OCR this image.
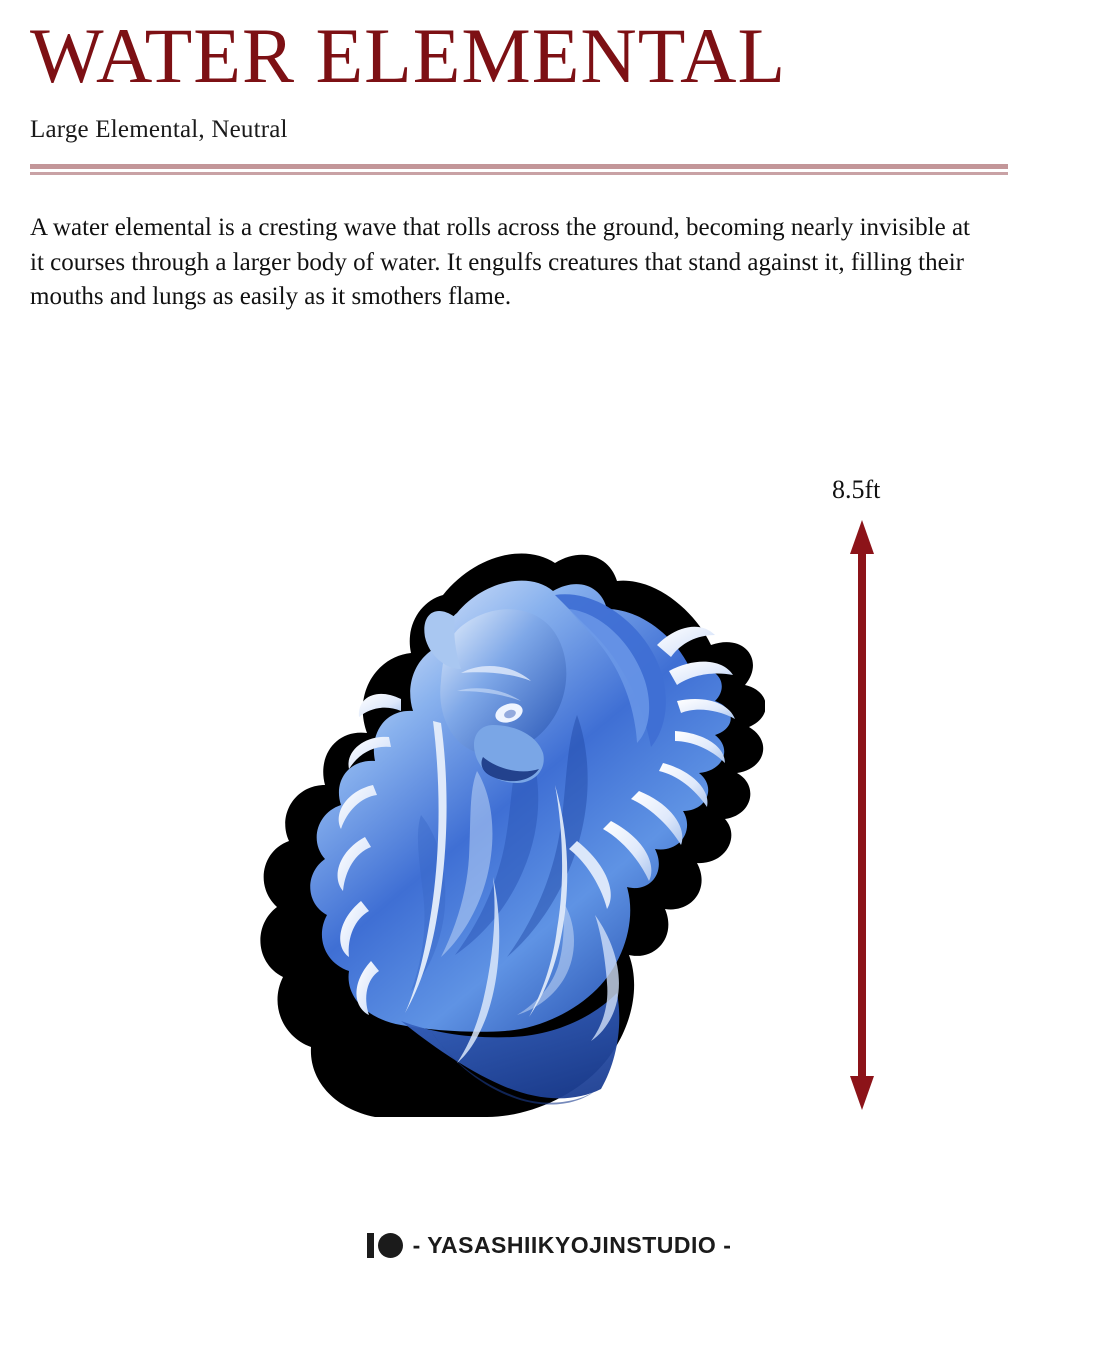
WATER ELEMENTAL
Large Elemental, Neutral

A water elemental is a cresting wave that rolls across the ground, becoming nearly invisible at it courses through a larger body of water. It engulfs creatures that stand against it, filling their mouths and lungs as easily as it smothers flame.

8.5ft
- YASASHIIKYOJINSTUDIO -
